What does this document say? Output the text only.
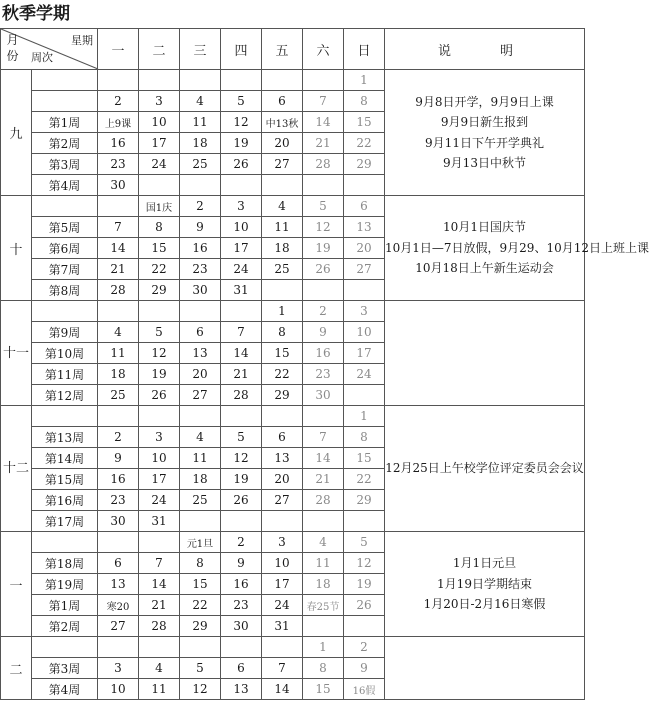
秋季学期
月份
星期
周次		一	二	三	四	五	六	日	说　明
九								1	9月8日开学，9月9日上课
9月9日新生报到
9月11日下午开学典礼
9月13日中秋节

		2	3	4	5	6	7	8	
	第1周	上9课	10	11	12	中13秋	14	15	
	第2周	16	17	18	19	20	21	22	
	第3周	23	24	25	26	27	28	29	
	第4周	30							
十			国1庆	2	3	4	5	6	10月1日国庆节
10月1日—7日放假，9月29、10月12日上班上课
10月18日上午新生运动会

	第5周	7	8	9	10	11	12	13	
	第6周	14	15	16	17	18	19	20	
	第7周	21	22	23	24	25	26	27	
	第8周	28	29	30	31				
十一						1	2	3	
	第9周	4	5	6	7	8	9	10	
	第10周	11	12	13	14	15	16	17	
	第11周	18	19	20	21	22	23	24	
	第12周	25	26	27	28	29	30		
十二								1	12月25日上午校学位评定委员会会议

	第13周	2	3	4	5	6	7	8	
	第14周	9	10	11	12	13	14	15	
	第15周	16	17	18	19	20	21	22	
	第16周	23	24	25	26	27	28	29	
	第17周	30	31						
一				元1旦	2	3	4	5	1月1日元旦
1月19日学期结束
1月20日-2月16日寒假

	第18周	6	7	8	9	10	11	12	
	第19周	13	14	15	16	17	18	19	
	第1周	寒20	21	22	23	24	春25节	26	
	第2周	27	28	29	30	31			
二							1	2	
	第3周	3	4	5	6	7	8	9	
	第4周	10	11	12	13	14	15	16假	
